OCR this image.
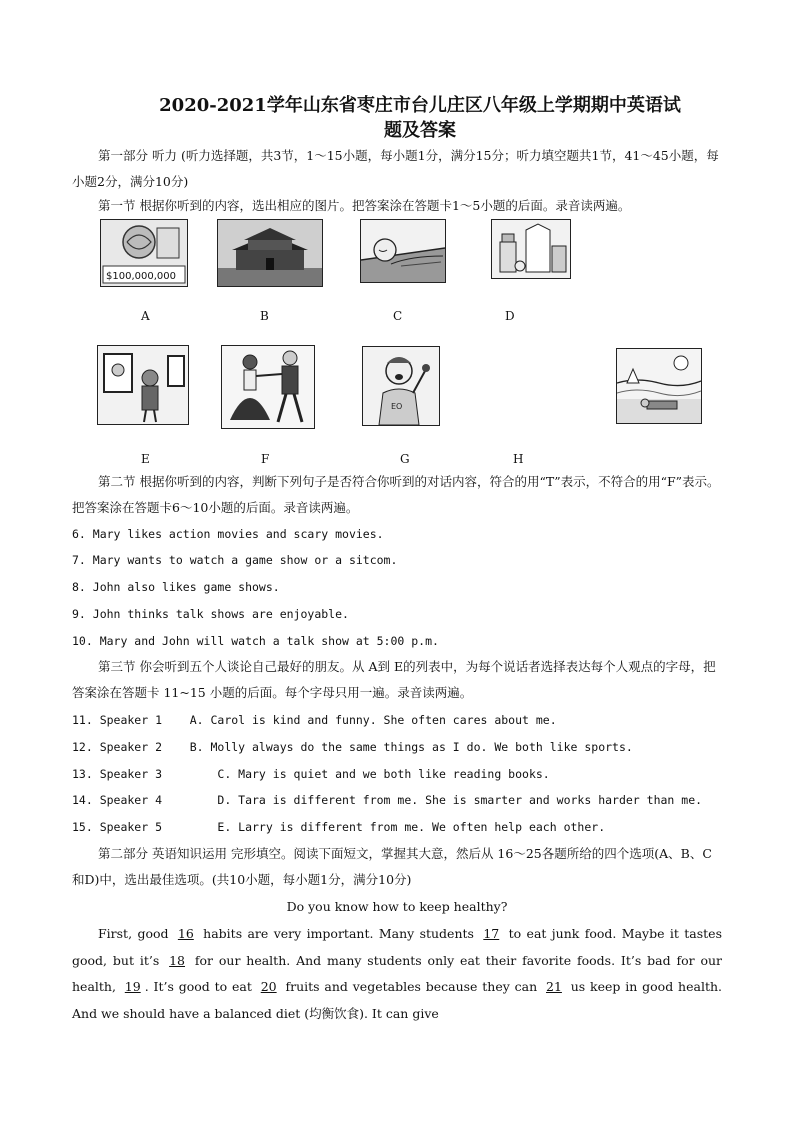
2020-2021学年山东省枣庄市台儿庄区八年级上学期期中英语试
题及答案
第一部分 听力 (听力选择题，共3节，1～15小题，每小题1分，满分15分；听力填空题共1节，41～45小题，每小题2分，满分10分)
第一节 根据你听到的内容，选出相应的图片。把答案涂在答题卡1～5小题的后面。录音读两遍。
$100,000,000
A	B	C	D
EO
E	F	G	H
第二节 根据你听到的内容，判断下列句子是否符合你听到的对话内容，符合的用“T”表示，不符合的用“F”表示。把答案涂在答题卡6～10小题的后面。录音读两遍。
6. Mary likes action movies and scary movies.
7. Mary wants to watch a game show or a sitcom.
8. John also likes game shows.
9. John thinks talk shows are enjoyable.
10. Mary and John will watch a talk show at 5:00 p.m.
第三节 你会听到五个人谈论自己最好的朋友。从 A到 E的列表中，为每个说话者选择表达每个人观点的字母，把答案涂在答题卡 11~15 小题的后面。每个字母只用一遍。录音读两遍。
11. Speaker 1    A. Carol is kind and funny. She often cares about me.
12. Speaker 2    B. Molly always do the same things as I do. We both like sports.
13. Speaker 3        C. Mary is quiet and we both like reading books.
14. Speaker 4        D. Tara is different from me. She is smarter and works harder than me.
15. Speaker 5        E. Larry is different from me. We often help each other.
第二部分 英语知识运用 完形填空。阅读下面短文，掌握其大意，然后从 16～25各题所给的四个选项(A、B、C和D)中，选出最佳选项。(共10小题，每小题1分，满分10分)
Do you know how to keep healthy?
First, good 16 habits are very important. Many students 17 to eat junk food. Maybe it tastes good, but it’s 18 for our health. And many students only eat their favorite foods. It’s bad for our health, 19 . It’s good to eat 20 fruits and vegetables because they can 21 us keep in good health. And we should have a balanced diet (均衡饮食). It can give
